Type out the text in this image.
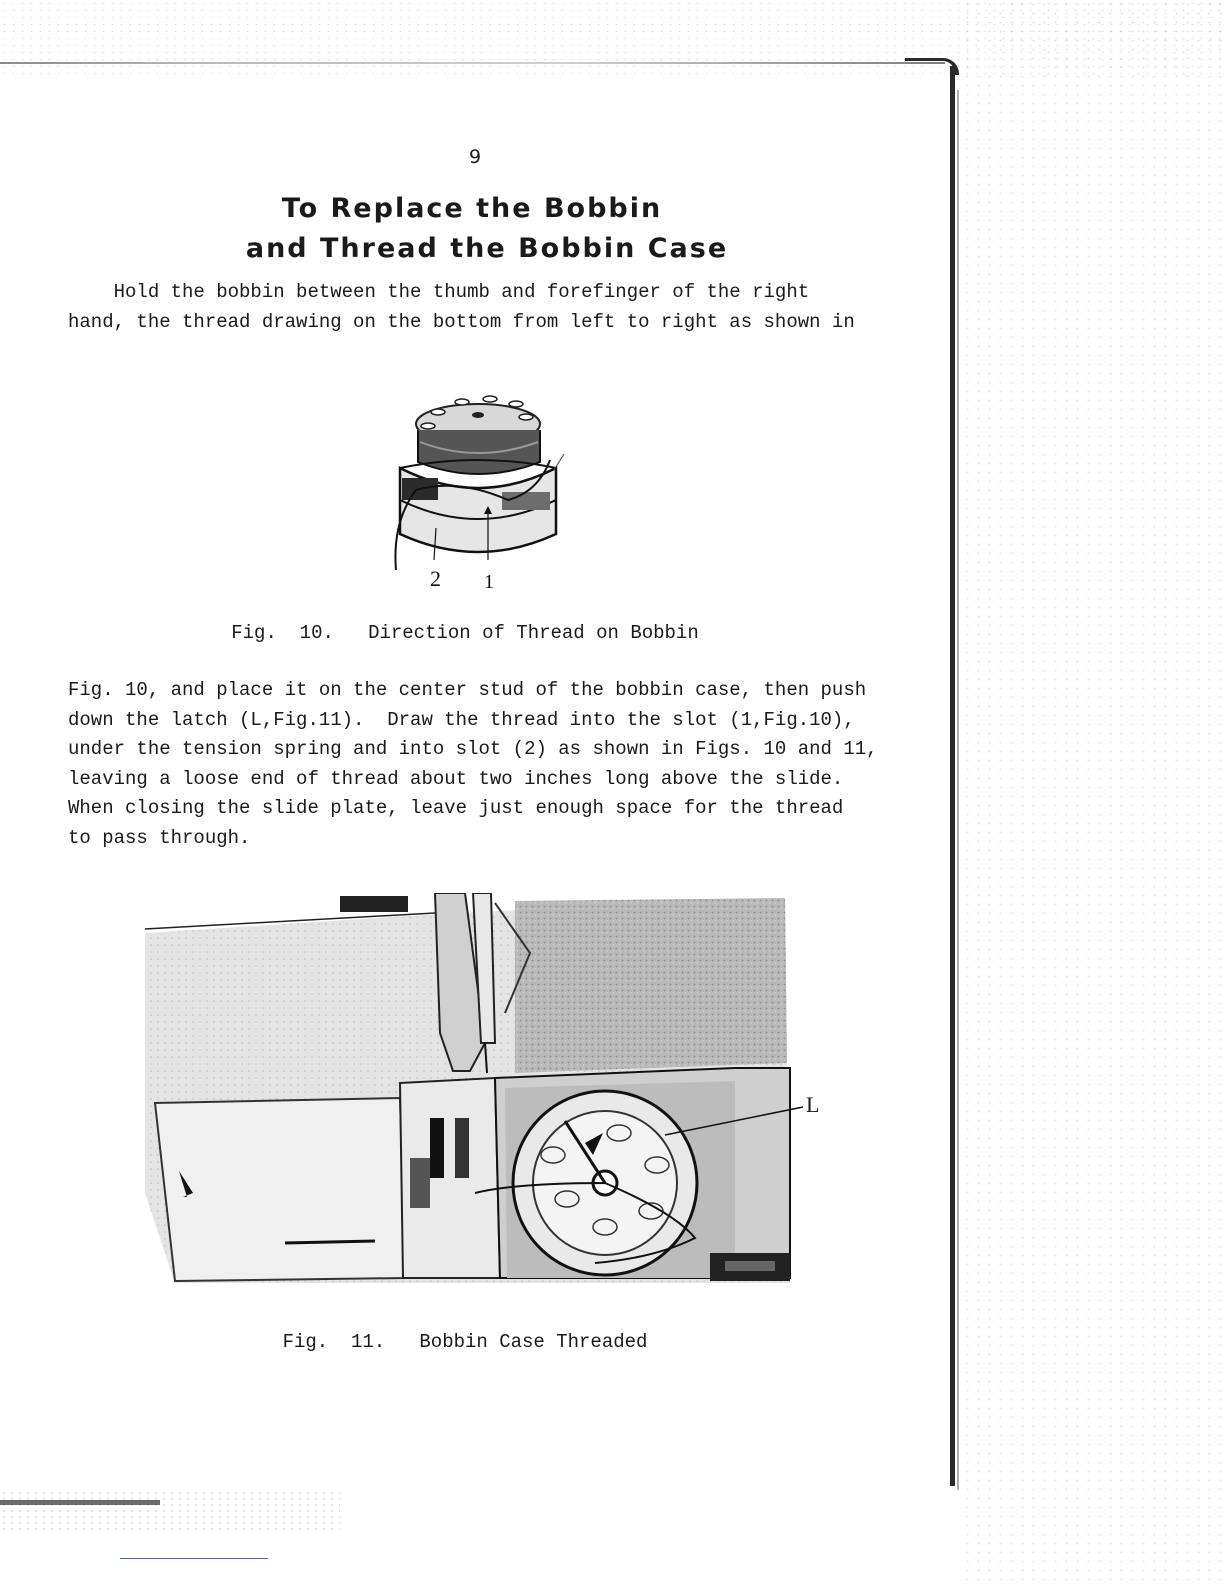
9
To Replace the Bobbin
and Thread the Bobbin Case

Hold the bobbin between the thumb and forefinger of the right
hand, the thread drawing on the bottom from left to right as shown in

2 1
Fig.  10.   Direction of Thread on Bobbin

Fig. 10, and place it on the center stud of the bobbin case, then push
down the latch (L,Fig.11).  Draw the thread into the slot (1,Fig.10),
under the tension spring and into slot (2) as shown in Figs. 10 and 11,
leaving a loose end of thread about two inches long above the slide.
When closing the slide plate, leave just enough space for the thread
to pass through.

L
Fig.  11.   Bobbin Case Threaded
